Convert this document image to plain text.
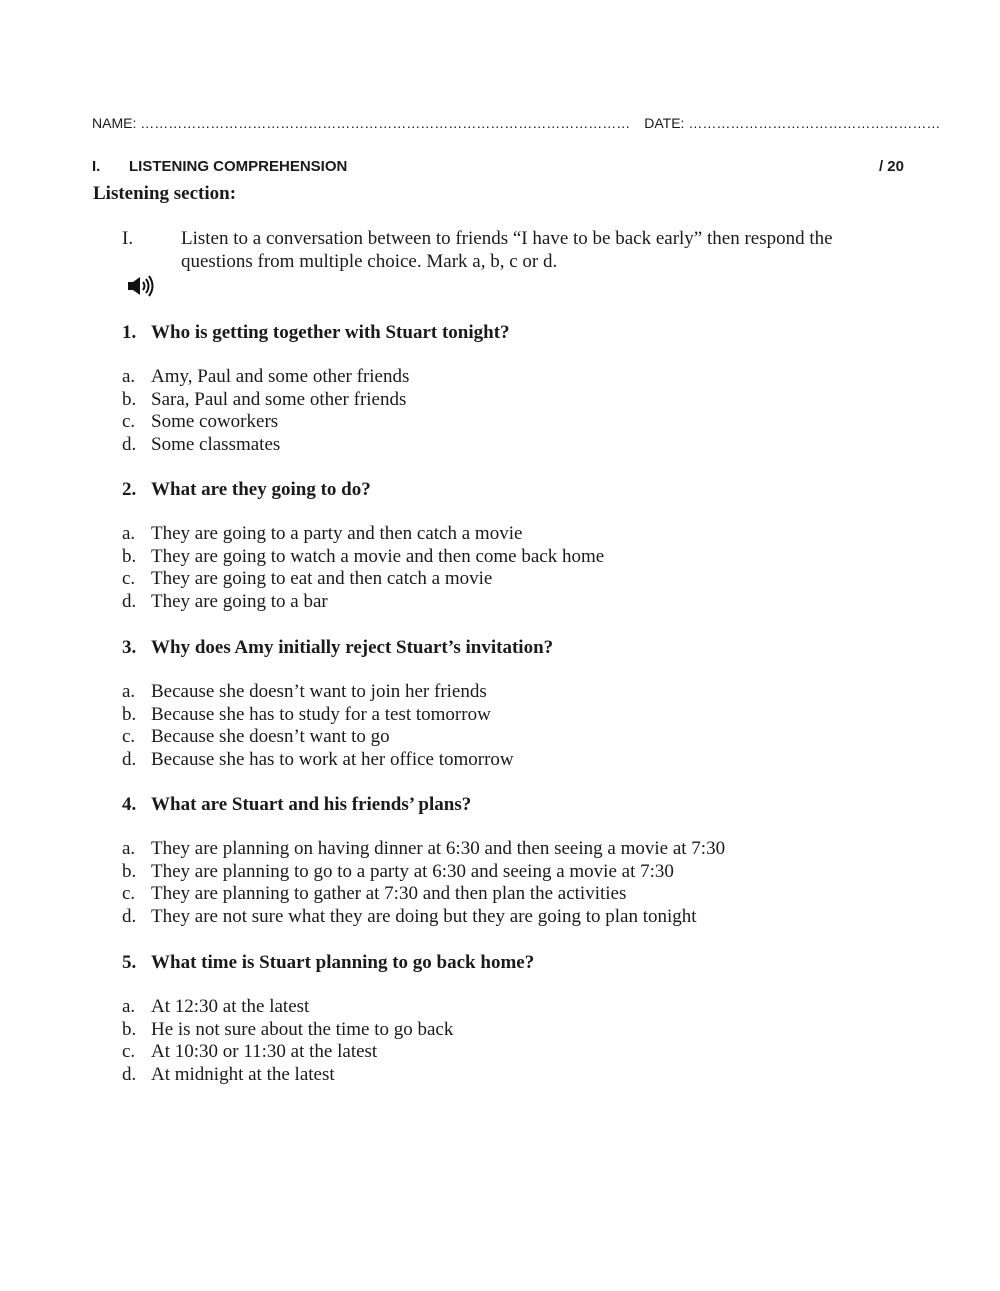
NAME: …………………………………………………………………………………………… DATE: ………………………………………………
I. LISTENING COMPREHENSION	/ 20
Listening section:
I.	Listen to a conversation between to friends “I have to be back early” then respond the questions from multiple choice. Mark a, b, c or d.
1. Who is getting together with Stuart tonight?
a. Amy, Paul and some other friends
b. Sara, Paul and some other friends
c. Some coworkers
d. Some classmates
2. What are they going to do?
a. They are going to a party and then catch a movie
b. They are going to watch a movie and then come back home
c. They are going to eat and then catch a movie
d. They are going to a bar
3. Why does Amy initially reject Stuart’s invitation?
a. Because she doesn’t want to join her friends
b. Because she has to study for a test tomorrow
c. Because she doesn’t want to go
d. Because she has to work at her office tomorrow
4. What are Stuart and his friends’ plans?
a. They are planning on having dinner at 6:30 and then seeing a movie at 7:30
b. They are planning to go to a party at 6:30 and seeing a movie at 7:30
c. They are planning to gather at 7:30 and then plan the activities
d. They are not sure what they are doing but they are going to plan tonight
5. What time is Stuart planning to go back home?
a. At 12:30 at the latest
b. He is not sure about the time to go back
c. At 10:30 or 11:30 at the latest
d. At midnight at the latest
